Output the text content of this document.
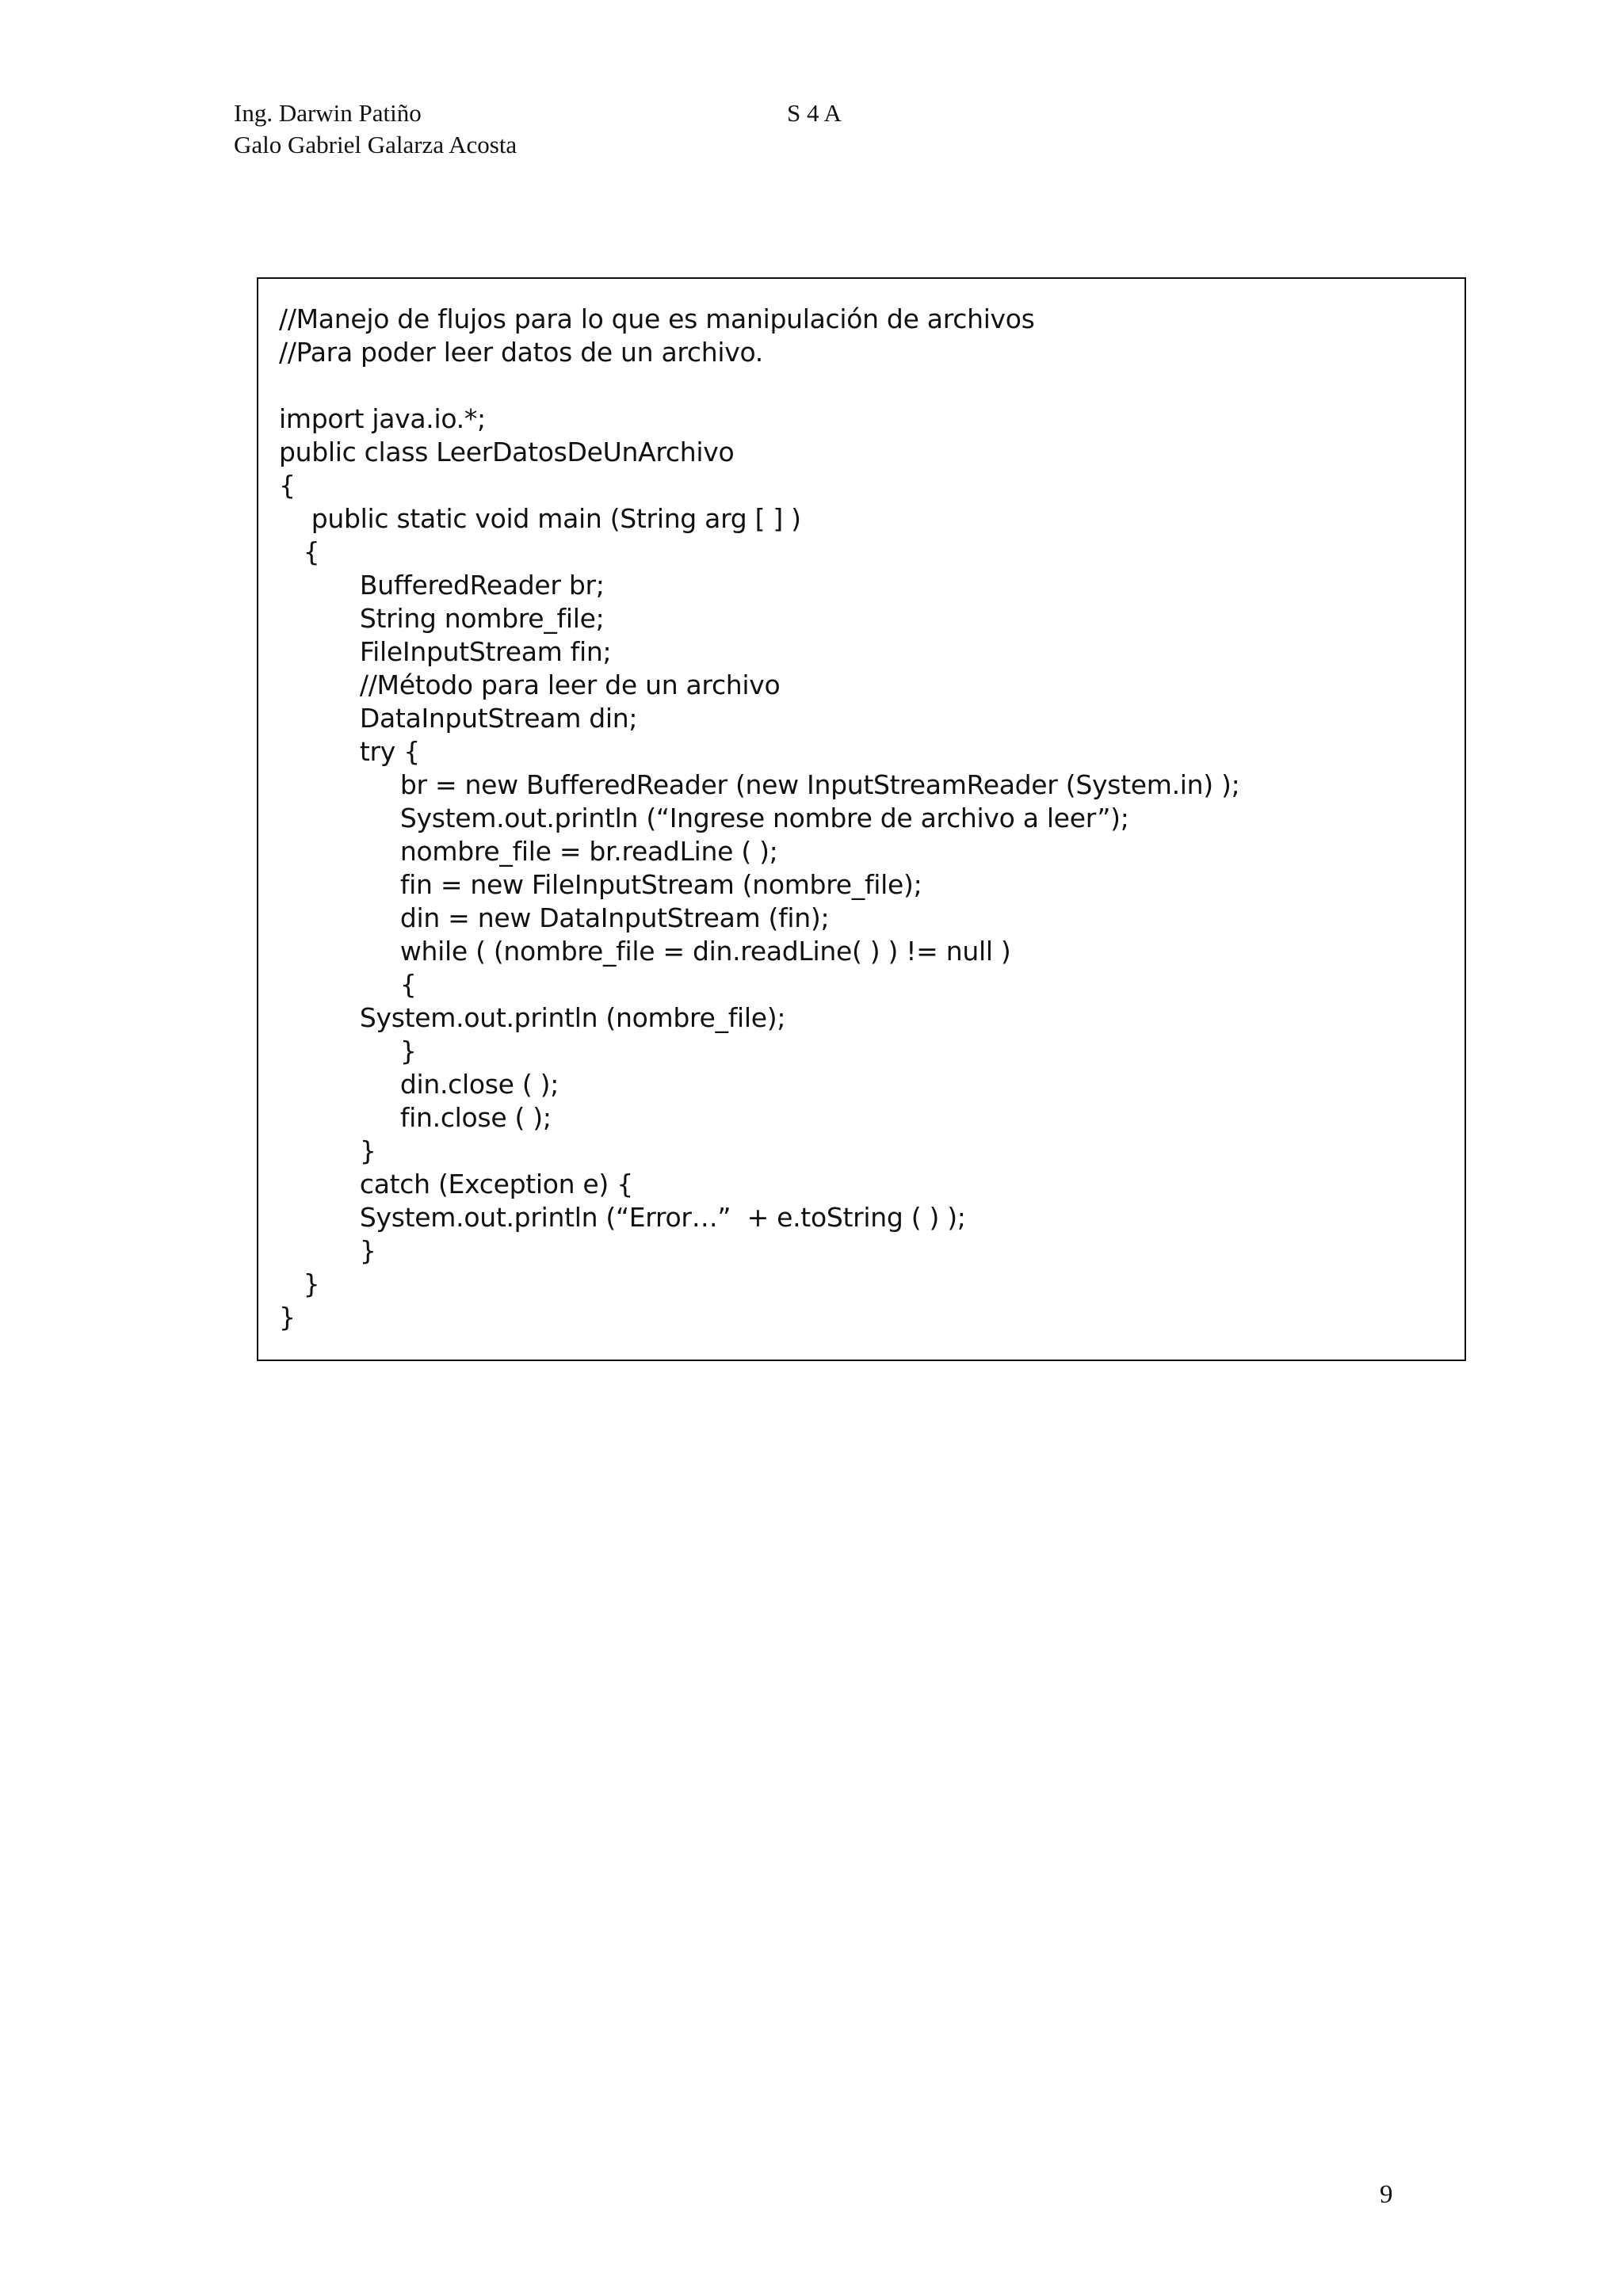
Ing. Darwin Patiño	S 4 A
Galo Gabriel Galarza Acosta
//Manejo de flujos para lo que es manipulación de archivos
//Para poder leer datos de un archivo.
import java.io.*;
public class LeerDatosDeUnArchivo
{
public static void main (String arg [ ] )
{
BufferedReader br;
String nombre_file;
FileInputStream fin;
//Método para leer de un archivo
DataInputStream din;
try {
br = new BufferedReader (new InputStreamReader (System.in) );
System.out.println (“Ingrese nombre de archivo a leer”);
nombre_file = br.readLine ( );
fin = new FileInputStream (nombre_file);
din = new DataInputStream (fin);
while ( (nombre_file = din.readLine( ) ) != null )
{
System.out.println (nombre_file);
}
din.close ( );
fin.close ( );
}
catch (Exception e) {
System.out.println (“Error…”  + e.toString ( ) );
}
}
}
9
